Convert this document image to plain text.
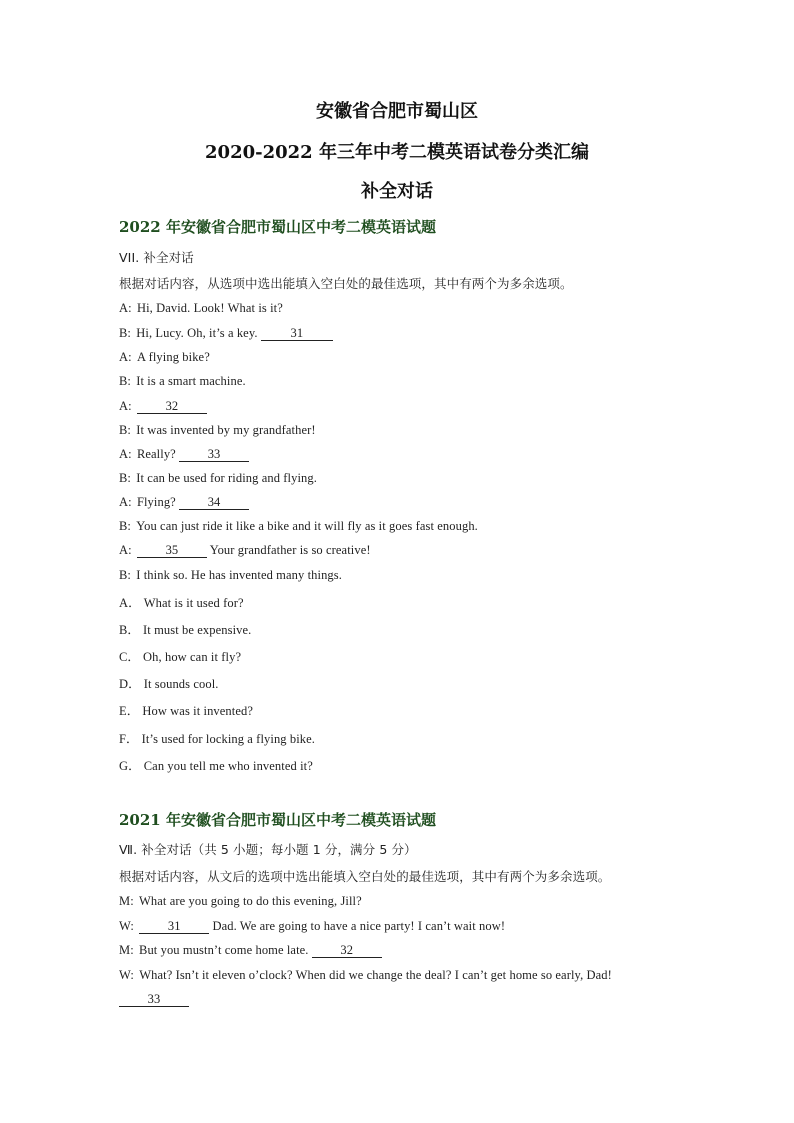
安徽省合肥市蜀山区
2020-2022 年三年中考二模英语试卷分类汇编
补全对话
2022 年安徽省合肥市蜀山区中考二模英语试题
VII. 补全对话
根据对话内容，从选项中选出能填入空白处的最佳选项，其中有两个为多余选项。
A: Hi, David. Look! What is it?
B: Hi, Lucy. Oh, it’s a key. 31
A: A flying bike?
B: It is a smart machine.
A: 32
B: It was invented by my grandfather!
A: Really? 33
B: It can be used for riding and flying.
A: Flying? 34
B: You can just ride it like a bike and it will fly as it goes fast enough.
A: 35 Your grandfather is so creative!
B: I think so. He has invented many things.
A． What is it used for?
B． It must be expensive.
C． Oh, how can it fly?
D． It sounds cool.
E． How was it invented?
F． It’s used for locking a flying bike.
G． Can you tell me who invented it?
2021 年安徽省合肥市蜀山区中考二模英语试题
Ⅶ. 补全对话（共 5 小题；每小题 1 分，满分 5 分）
根据对话内容，从文后的选项中选出能填入空白处的最佳选项，其中有两个为多余选项。
M: What are you going to do this evening, Jill?
W: 31 Dad. We are going to have a nice party! I can’t wait now!
M: But you mustn’t come home late. 32
W: What? Isn’t it eleven o’clock? When did we change the deal? I can’t get home so early, Dad!
33
